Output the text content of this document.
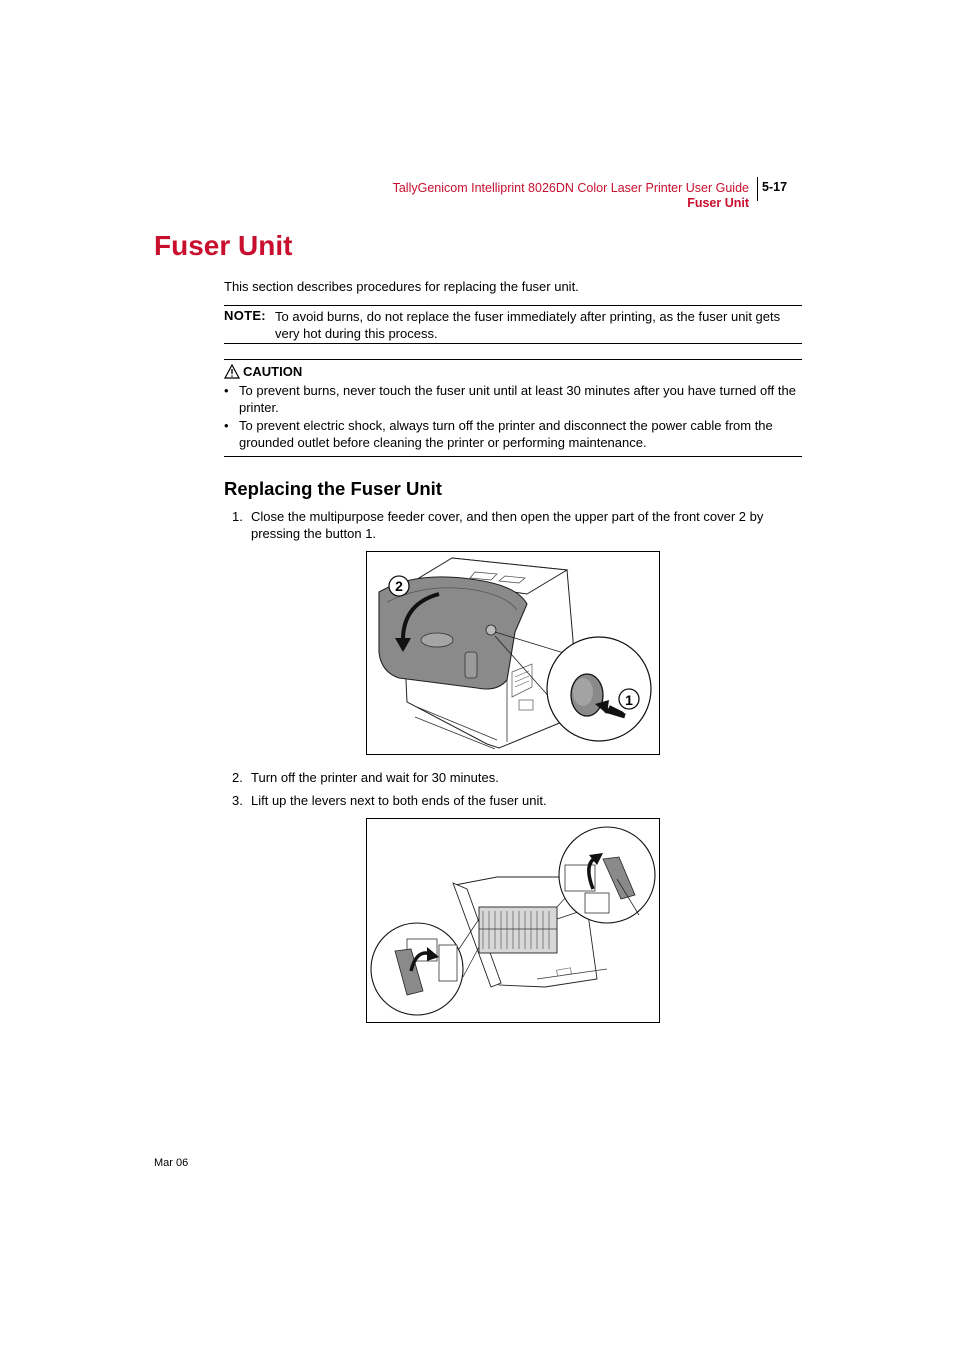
TallyGenicom Intelliprint 8026DN Color Laser Printer User Guide
Fuser Unit
5-17
Fuser Unit
This section describes procedures for replacing the fuser unit.
NOTE: To avoid burns, do not replace the fuser immediately after printing, as the fuser unit gets very hot during this process.
CAUTION
• To prevent burns, never touch the fuser unit until at least 30 minutes after you have turned off the printer.
• To prevent electric shock, always turn off the printer and disconnect the power cable from the grounded outlet before cleaning the printer or performing maintenance.
Replacing the Fuser Unit
1. Close the multipurpose feeder cover, and then open the upper part of the front cover 2 by pressing the button 1.
2
1
2. Turn off the printer and wait for 30 minutes.
3. Lift up the levers next to both ends of the fuser unit.
Mar 06
